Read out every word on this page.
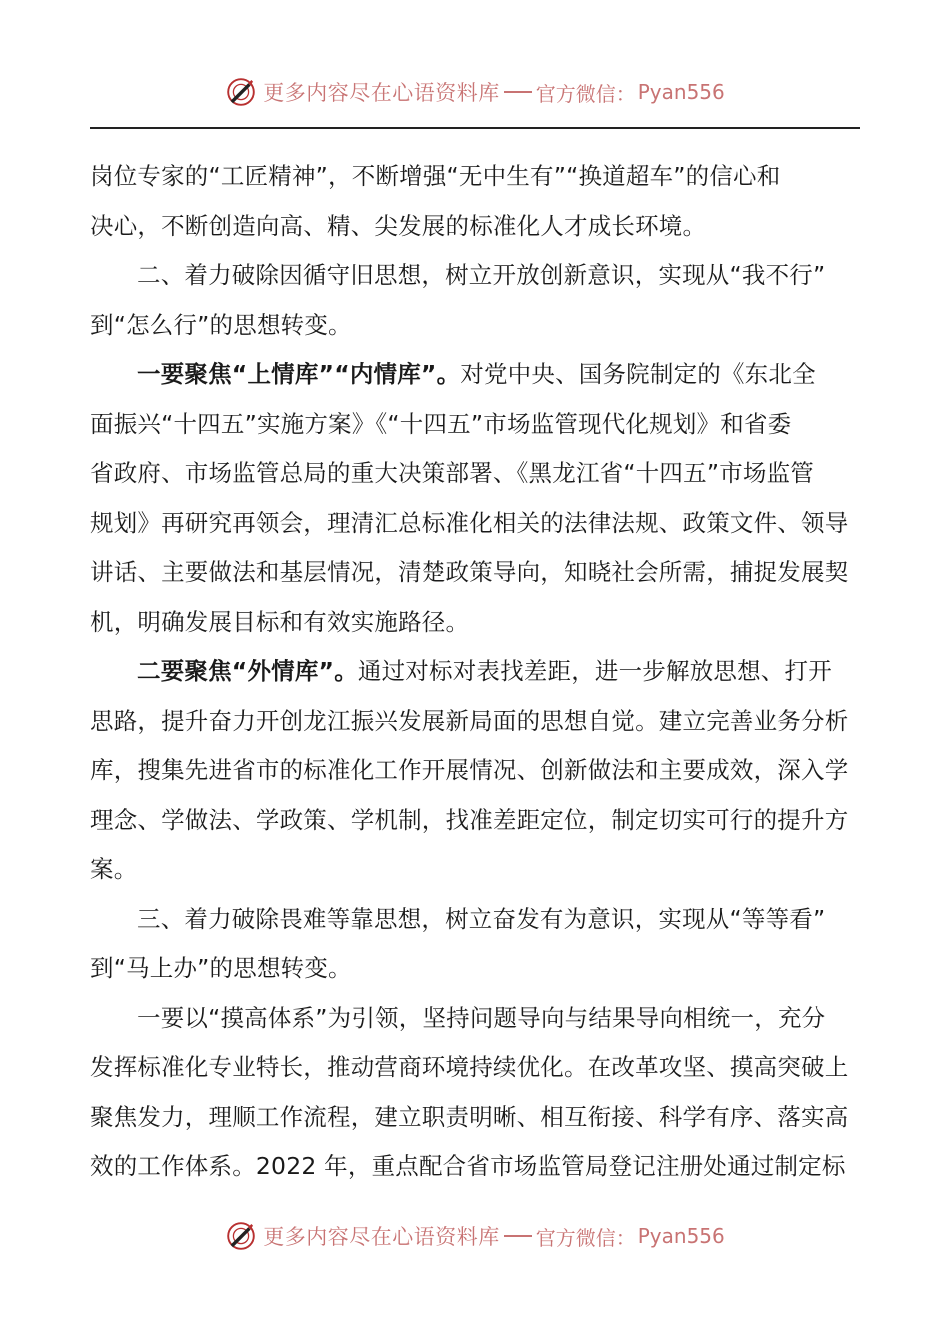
更多内容尽在心语资料库 官方微信： Pyan556
岗位专家的“工匠精神”，不断增强“无中生有”“换道超车”的信心和
决心，不断创造向高、精、尖发展的标准化人才成长环境。
二、着力破除因循守旧思想，树立开放创新意识，实现从“我不行”
到“怎么行”的思想转变。
一要聚焦“上情库”“内情库”。对党中央、国务院制定的《东北全
面振兴“十四五”实施方案》《“十四五”市场监管现代化规划》和省委
省政府、市场监管总局的重大决策部署、《黑龙江省“十四五”市场监管
规划》再研究再领会，理清汇总标准化相关的法律法规、政策文件、领导
讲话、主要做法和基层情况，清楚政策导向，知晓社会所需，捕捉发展契
机，明确发展目标和有效实施路径。
二要聚焦“外情库”。通过对标对表找差距，进一步解放思想、打开
思路，提升奋力开创龙江振兴发展新局面的思想自觉。建立完善业务分析
库，搜集先进省市的标准化工作开展情况、创新做法和主要成效，深入学
理念、学做法、学政策、学机制，找准差距定位，制定切实可行的提升方
案。
三、着力破除畏难等靠思想，树立奋发有为意识，实现从“等等看”
到“马上办”的思想转变。
一要以“摸高体系”为引领，坚持问题导向与结果导向相统一，充分
发挥标准化专业特长，推动营商环境持续优化。在改革攻坚、摸高突破上
聚焦发力，理顺工作流程，建立职责明晰、相互衔接、科学有序、落实高
效的工作体系。2022 年，重点配合省市场监管局登记注册处通过制定标
更多内容尽在心语资料库 官方微信： Pyan556
